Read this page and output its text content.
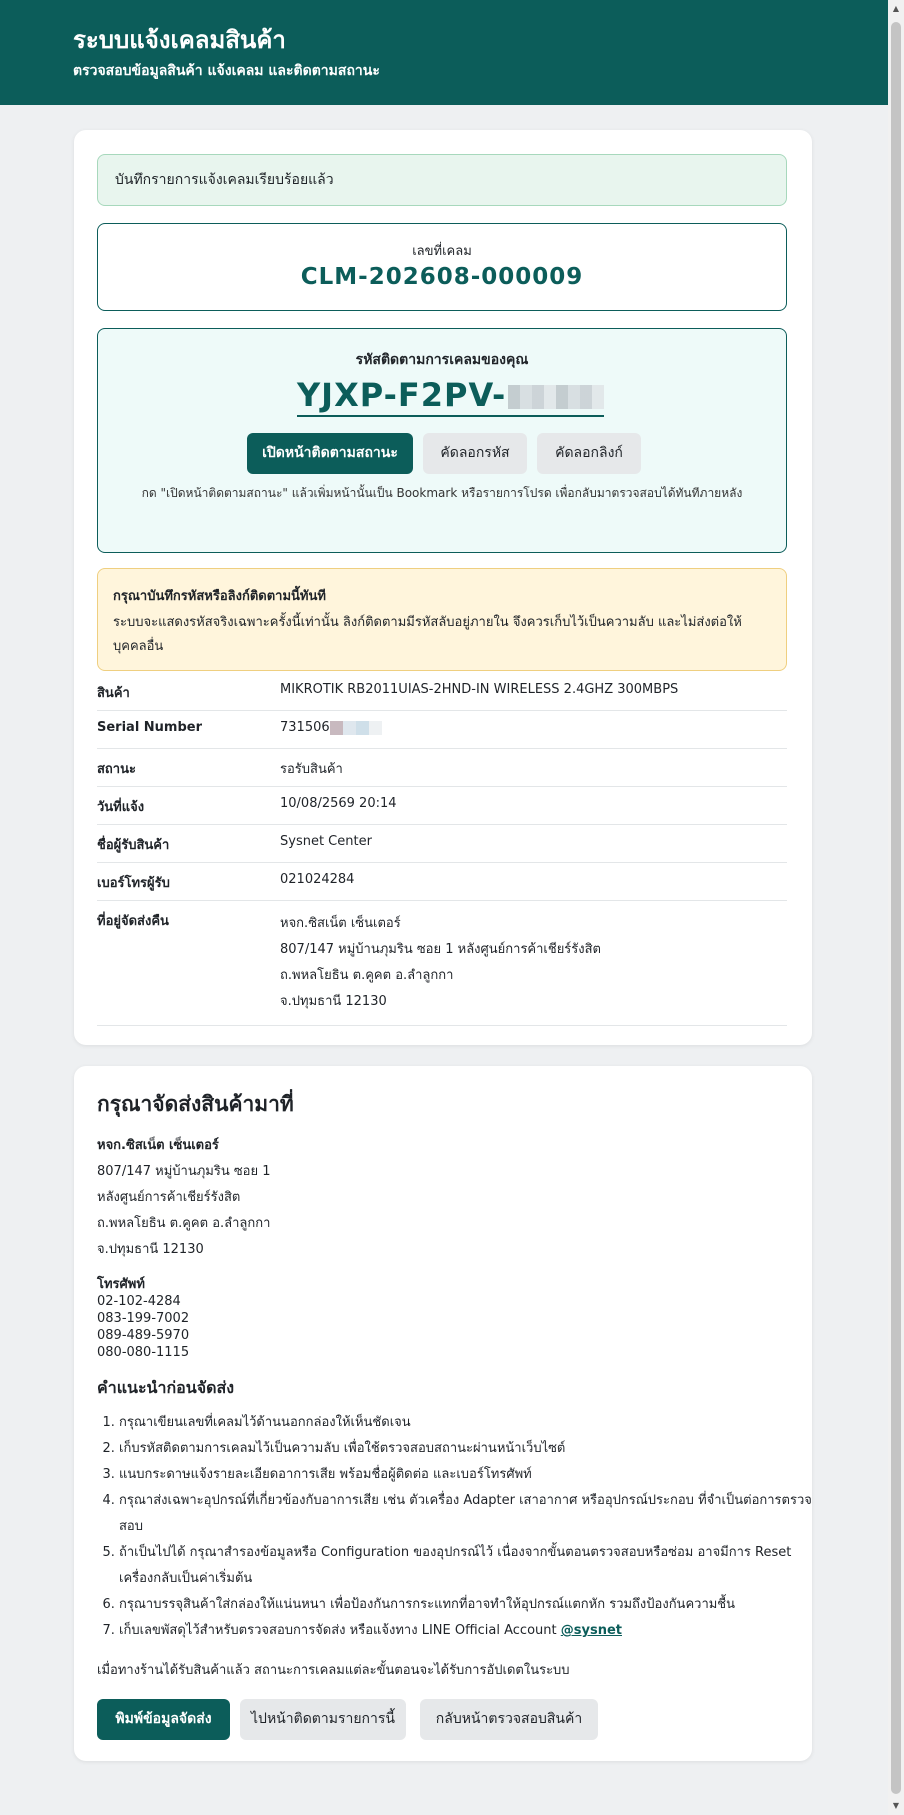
ระบบแจ้งเคลมสินค้า
ตรวจสอบข้อมูลสินค้า แจ้งเคลม และติดตามสถานะ
▲
▼
บันทึกรายการแจ้งเคลมเรียบร้อยแล้ว
เลขที่เคลม
CLM-202608-000009
รหัสติดตามการเคลมของคุณ
YJXP-F2PV-
เปิดหน้าติดตามสถานะ	คัดลอกรหัส	คัดลอกลิงก์
กด "เปิดหน้าติดตามสถานะ" แล้วเพิ่มหน้านั้นเป็น Bookmark หรือรายการโปรด เพื่อกลับมาตรวจสอบได้ทันทีภายหลัง
กรุณาบันทึกรหัสหรือลิงก์ติดตามนี้ทันที
ระบบจะแสดงรหัสจริงเฉพาะครั้งนี้เท่านั้น ลิงก์ติดตามมีรหัสลับอยู่ภายใน จึงควรเก็บไว้เป็นความลับ และไม่ส่งต่อให้บุคคลอื่น
สินค้า	MIKROTIK RB2011UIAS-2HND-IN WIRELESS 2.4GHZ 300MBPS
Serial Number	731506
สถานะ	รอรับสินค้า
วันที่แจ้ง	10/08/2569 20:14
ชื่อผู้รับสินค้า	Sysnet Center
เบอร์โทรผู้รับ	021024284
ที่อยู่จัดส่งคืน	หจก.ซิสเน็ต เซ็นเตอร์
807/147 หมู่บ้านภุมริน ซอย 1 หลังศูนย์การค้าเชียร์รังสิต
ถ.พหลโยธิน ต.คูคต อ.ลำลูกกา
จ.ปทุมธานี 12130
กรุณาจัดส่งสินค้ามาที่
หจก.ซิสเน็ต เซ็นเตอร์
807/147 หมู่บ้านภุมริน ซอย 1
หลังศูนย์การค้าเชียร์รังสิต
ถ.พหลโยธิน ต.คูคต อ.ลำลูกกา
จ.ปทุมธานี 12130
โทรศัพท์
02-102-4284
083-199-7002
089-489-5970
080-080-1115
คำแนะนำก่อนจัดส่ง
1. กรุณาเขียนเลขที่เคลมไว้ด้านนอกกล่องให้เห็นชัดเจน
2. เก็บรหัสติดตามการเคลมไว้เป็นความลับ เพื่อใช้ตรวจสอบสถานะผ่านหน้าเว็บไซต์
3. แนบกระดาษแจ้งรายละเอียดอาการเสีย พร้อมชื่อผู้ติดต่อ และเบอร์โทรศัพท์
4. กรุณาส่งเฉพาะอุปกรณ์ที่เกี่ยวข้องกับอาการเสีย เช่น ตัวเครื่อง Adapter เสาอากาศ หรืออุปกรณ์ประกอบ ที่จำเป็นต่อการตรวจสอบ
5. ถ้าเป็นไปได้ กรุณาสำรองข้อมูลหรือ Configuration ของอุปกรณ์ไว้ เนื่องจากขั้นตอนตรวจสอบหรือซ่อม อาจมีการ Reset เครื่องกลับเป็นค่าเริ่มต้น
6. กรุณาบรรจุสินค้าใส่กล่องให้แน่นหนา เพื่อป้องกันการกระแทกที่อาจทำให้อุปกรณ์แตกหัก รวมถึงป้องกันความชื้น
7. เก็บเลขพัสดุไว้สำหรับตรวจสอบการจัดส่ง หรือแจ้งทาง LINE Official Account @sysnet
เมื่อทางร้านได้รับสินค้าแล้ว สถานะการเคลมแต่ละขั้นตอนจะได้รับการอัปเดตในระบบ
พิมพ์ข้อมูลจัดส่ง	ไปหน้าติดตามรายการนี้	กลับหน้าตรวจสอบสินค้า
